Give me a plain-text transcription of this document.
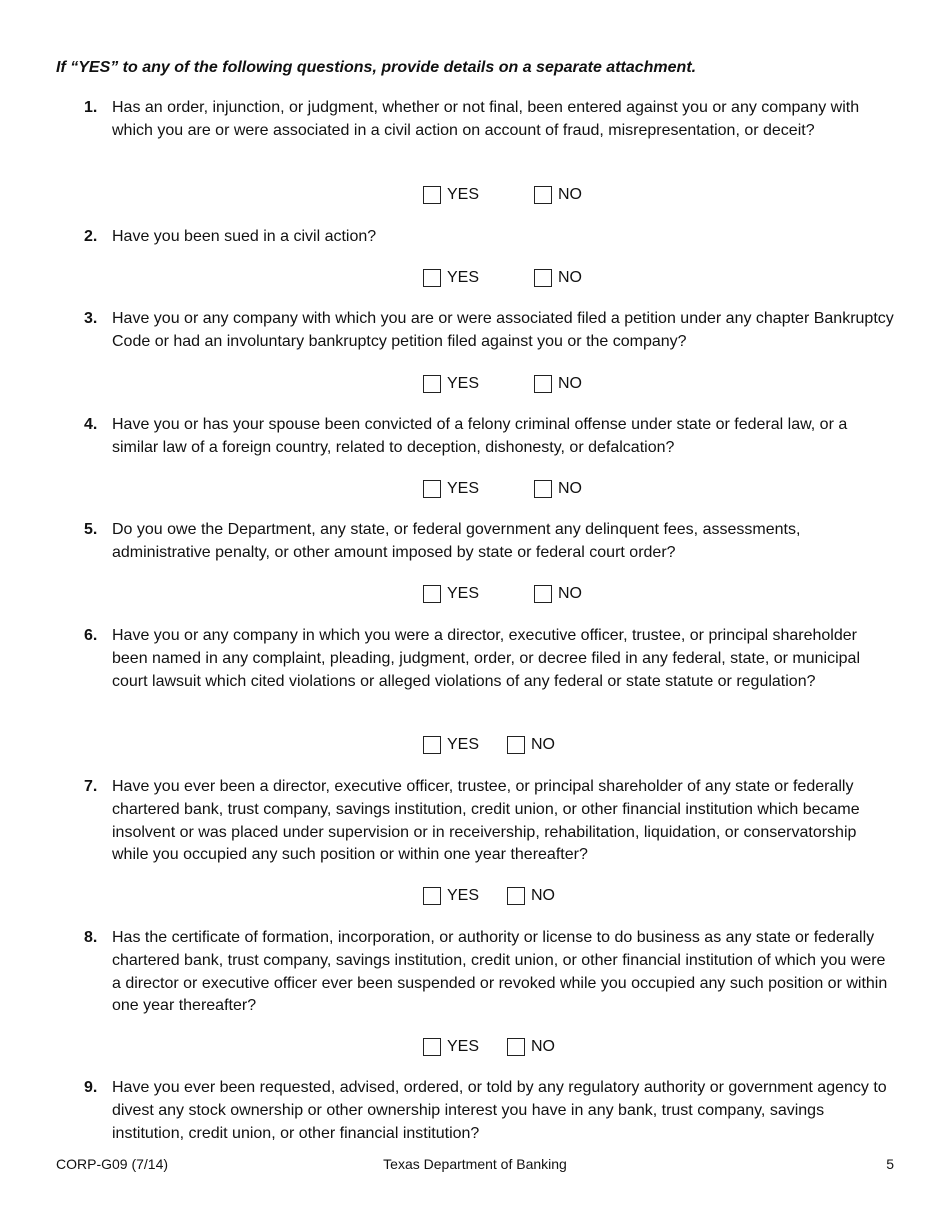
If “YES” to any of the following questions, provide details on a separate attachment.
1. Has an order, injunction, or judgment, whether or not final, been entered against you or any company with which you are or were associated in a civil action on account of fraud, misrepresentation, or deceit?
YES	NO
2. Have you been sued in a civil action?
YES	NO
3. Have you or any company with which you are or were associated filed a petition under any chapter Bankruptcy Code or had an involuntary bankruptcy petition filed against you or the company?
YES	NO
4. Have you or has your spouse been convicted of a felony criminal offense under state or federal law, or a similar law of a foreign country, related to deception, dishonesty, or defalcation?
YES	NO
5. Do you owe the Department, any state, or federal government any delinquent fees, assessments, administrative penalty, or other amount imposed by state or federal court order?
YES	NO
6. Have you or any company in which you were a director, executive officer, trustee, or principal shareholder been named in any complaint, pleading, judgment, order, or decree filed in any federal, state, or municipal court lawsuit which cited violations or alleged violations of any federal or state statute or regulation?
YES	NO
7. Have you ever been a director, executive officer, trustee, or principal shareholder of any state or federally chartered bank, trust company, savings institution, credit union, or other financial institution which became insolvent or was placed under supervision or in receivership, rehabilitation, liquidation, or conservatorship while you occupied any such position or within one year thereafter?
YES	NO
8. Has the certificate of formation, incorporation, or authority or license to do business as any state or federally chartered bank, trust company, savings institution, credit union, or other financial institution of which you were a director or executive officer ever been suspended or revoked while you occupied any such position or within one year thereafter?
YES	NO
9. Have you ever been requested, advised, ordered, or told by any regulatory authority or government agency to divest any stock ownership or other ownership interest you have in any bank, trust company, savings institution, credit union, or other financial institution?
CORP-G09 (7/14)	Texas Department of Banking	5
